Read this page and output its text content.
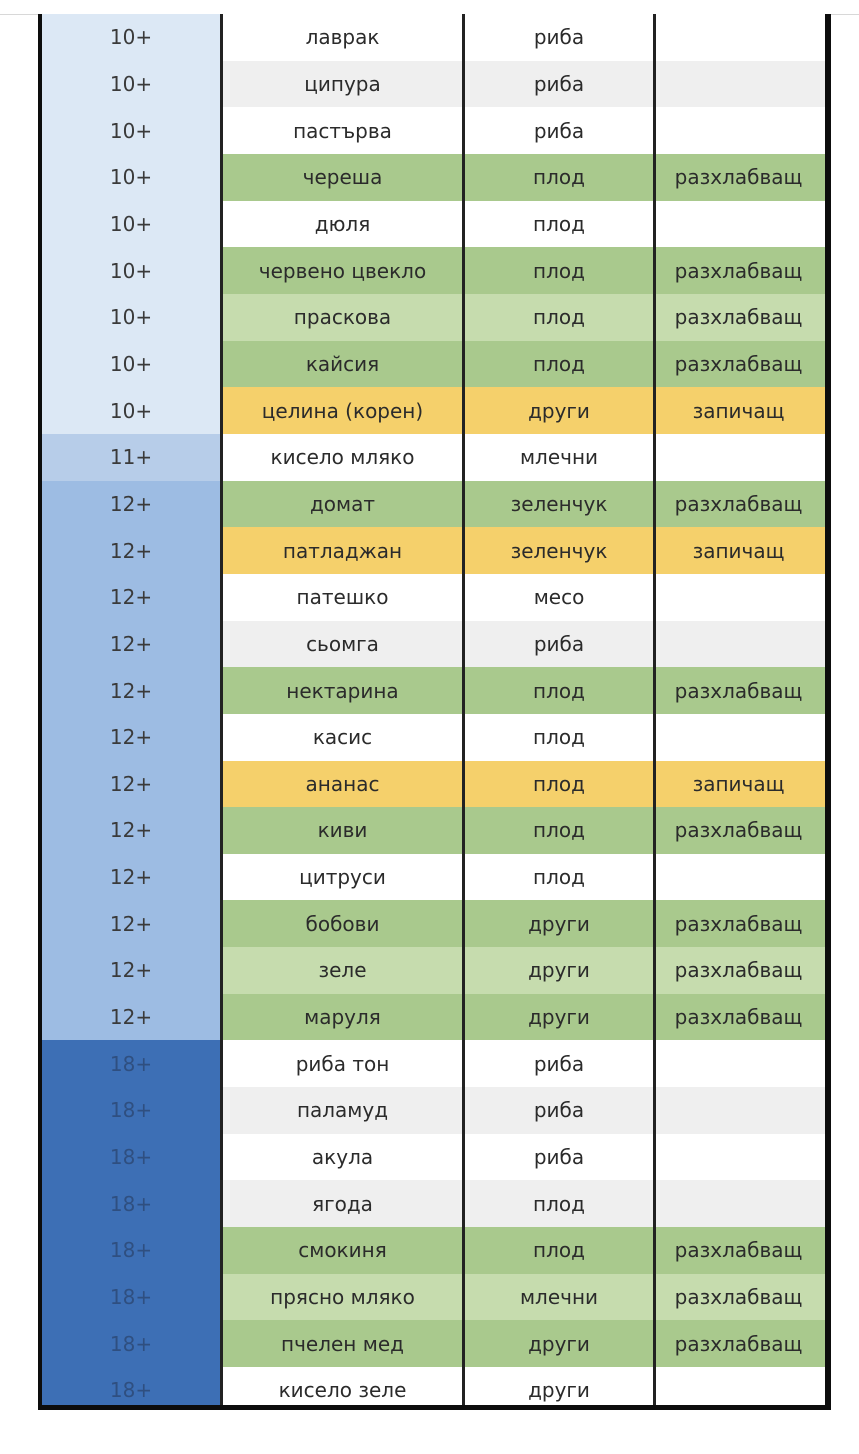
10+	лаврак	риба
10+	ципура	риба
10+	пастърва	риба
10+	череша	плод	разхлабващ
10+	дюля	плод
10+	червено цвекло	плод	разхлабващ
10+	праскова	плод	разхлабващ
10+	кайсия	плод	разхлабващ
10+	целина (корен)	други	запичащ
11+	кисело мляко	млечни
12+	домат	зеленчук	разхлабващ
12+	патладжан	зеленчук	запичащ
12+	патешко	месо
12+	сьомга	риба
12+	нектарина	плод	разхлабващ
12+	касис	плод
12+	ананас	плод	запичащ
12+	киви	плод	разхлабващ
12+	цитруси	плод
12+	бобови	други	разхлабващ
12+	зеле	други	разхлабващ
12+	маруля	други	разхлабващ
18+	риба тон	риба
18+	паламуд	риба
18+	акула	риба
18+	ягода	плод
18+	смокиня	плод	разхлабващ
18+	прясно мляко	млечни	разхлабващ
18+	пчелен мед	други	разхлабващ
18+	кисело зеле	други
